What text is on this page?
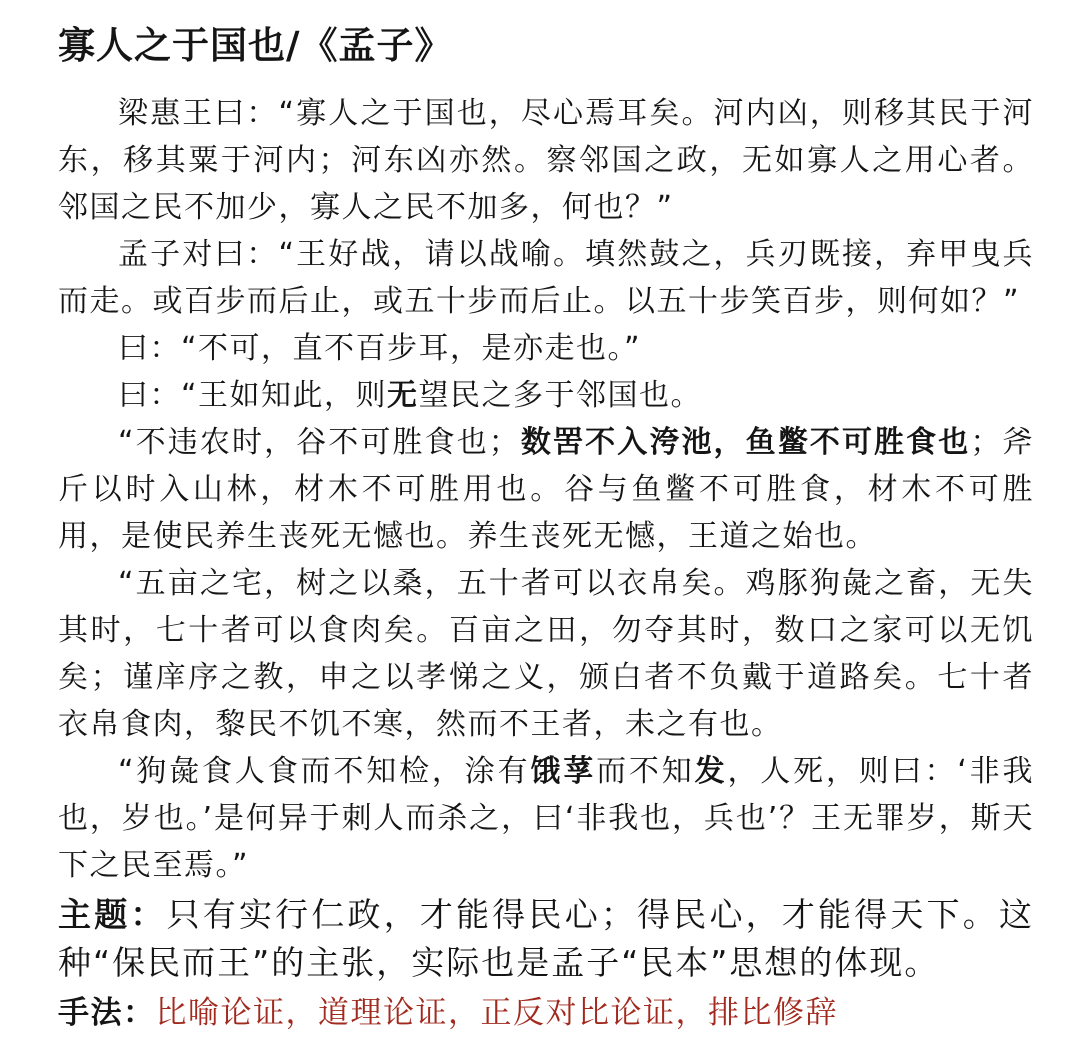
寡人之于国也/《孟子》

梁惠王曰：“寡人之于国也，尽心焉耳矣。河内凶，则移其民于河东，移其粟于河内；河东凶亦然。察邻国之政，无如寡人之用心者。邻国之民不加少，寡人之民不加多，何也？”

孟子对曰：“王好战，请以战喻。填然鼓之，兵刃既接，弃甲曳兵而走。或百步而后止，或五十步而后止。以五十步笑百步，则何如？”

曰：“不可，直不百步耳，是亦走也。”

曰：“王如知此，则无望民之多于邻国也。

“不违农时，谷不可胜食也；数罟不入洿池，鱼鳖不可胜食也；斧斤以时入山林，材木不可胜用也。谷与鱼鳖不可胜食，材木不可胜用，是使民养生丧死无憾也。养生丧死无憾，王道之始也。

“五亩之宅，树之以桑，五十者可以衣帛矣。鸡豚狗彘之畜，无失其时，七十者可以食肉矣。百亩之田，勿夺其时，数口之家可以无饥矣；谨庠序之教，申之以孝悌之义，颁白者不负戴于道路矣。七十者衣帛食肉，黎民不饥不寒，然而不王者，未之有也。

“狗彘食人食而不知检，涂有饿莩而不知发，人死，则曰：‘非我也，岁也。’是何异于刺人而杀之，曰‘非我也，兵也’？王无罪岁，斯天下之民至焉。”

主题：只有实行仁政，才能得民心；得民心，才能得天下。这种“保民而王”的主张，实际也是孟子“民本”思想的体现。

手法：比喻论证，道理论证，正反对比论证，排比修辞
